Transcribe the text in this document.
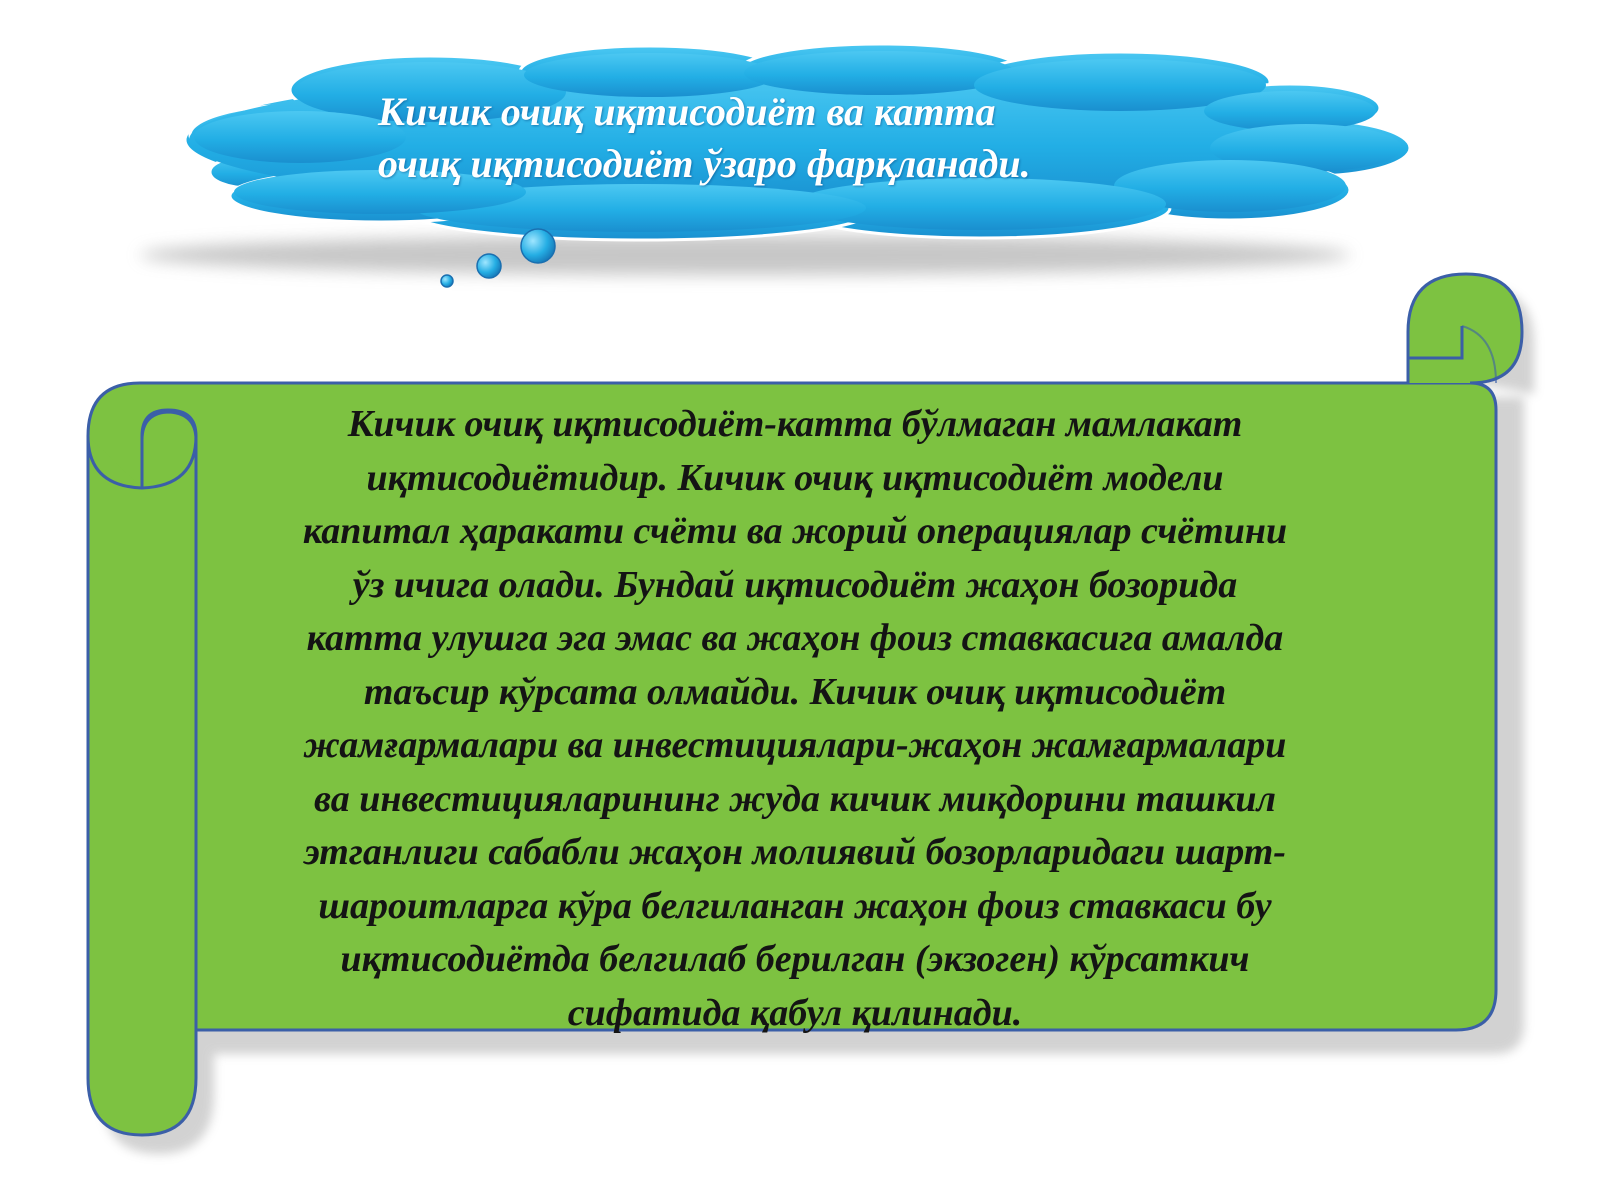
Кичик очиқ иқтисодиёт ва катта
очиқ иқтисодиёт ўзаро фарқланади.
Кичик очиқ иқтисодиёт-катта бўлмаган мамлакат
иқтисодиётидир. Кичик очиқ иқтисодиёт модели
капитал ҳаракати счёти ва жорий операциялар счётини
ўз ичига олади. Бундай иқтисодиёт жаҳон бозорида
катта улушга эга эмас ва жаҳон фоиз ставкасига амалда
таъсир кўрсата олмайди. Кичик очиқ иқтисодиёт
жамғармалари ва инвестициялари-жаҳон жамғармалари
ва инвестицияларининг жуда кичик миқдорини ташкил
этганлиги сабабли жаҳон молиявий бозорларидаги шарт-
шароитларга кўра белгиланган жаҳон фоиз ставкаси бу
иқтисодиётда белгилаб берилган (экзоген) кўрсаткич
сифатида қабул қилинади.
